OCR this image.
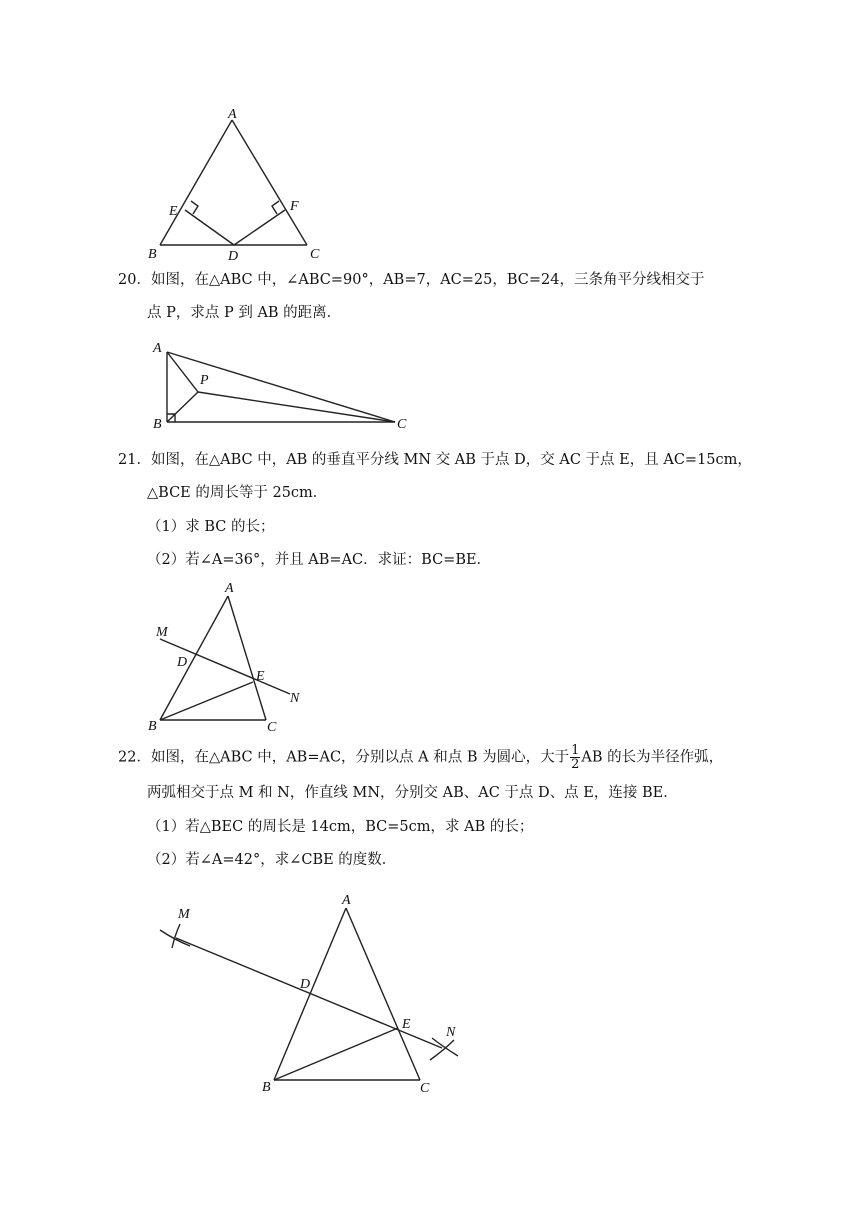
A
B	C
D
E	F
20．如图，在△ABC 中，∠ABC=90°，AB=7，AC=25，BC=24，三条角平分线相交于
点 P，求点 P 到 AB 的距离．
A
B	C
P
21．如图，在△ABC 中，AB 的垂直平分线 MN 交 AB 于点 D，交 AC 于点 E，且 AC=15cm，
△BCE 的周长等于 25cm．
（1）求 BC 的长；
（2）若∠A=36°，并且 AB=AC．求证：BC=BE．
A
B	C
D
E
M
N
22．如图，在△ABC 中，AB=AC，分别以点 A 和点 B 为圆心，大于 $\frac{1}{2}$ AB 的长为半径作弧，
两弧相交于点 M 和 N，作直线 MN，分别交 AB、AC 于点 D、点 E，连接 BE．
（1）若△BEC 的周长是 14cm，BC=5cm，求 AB 的长；
（2）若∠A=42°，求∠CBE 的度数．
A
B	C
D
E
M
N
